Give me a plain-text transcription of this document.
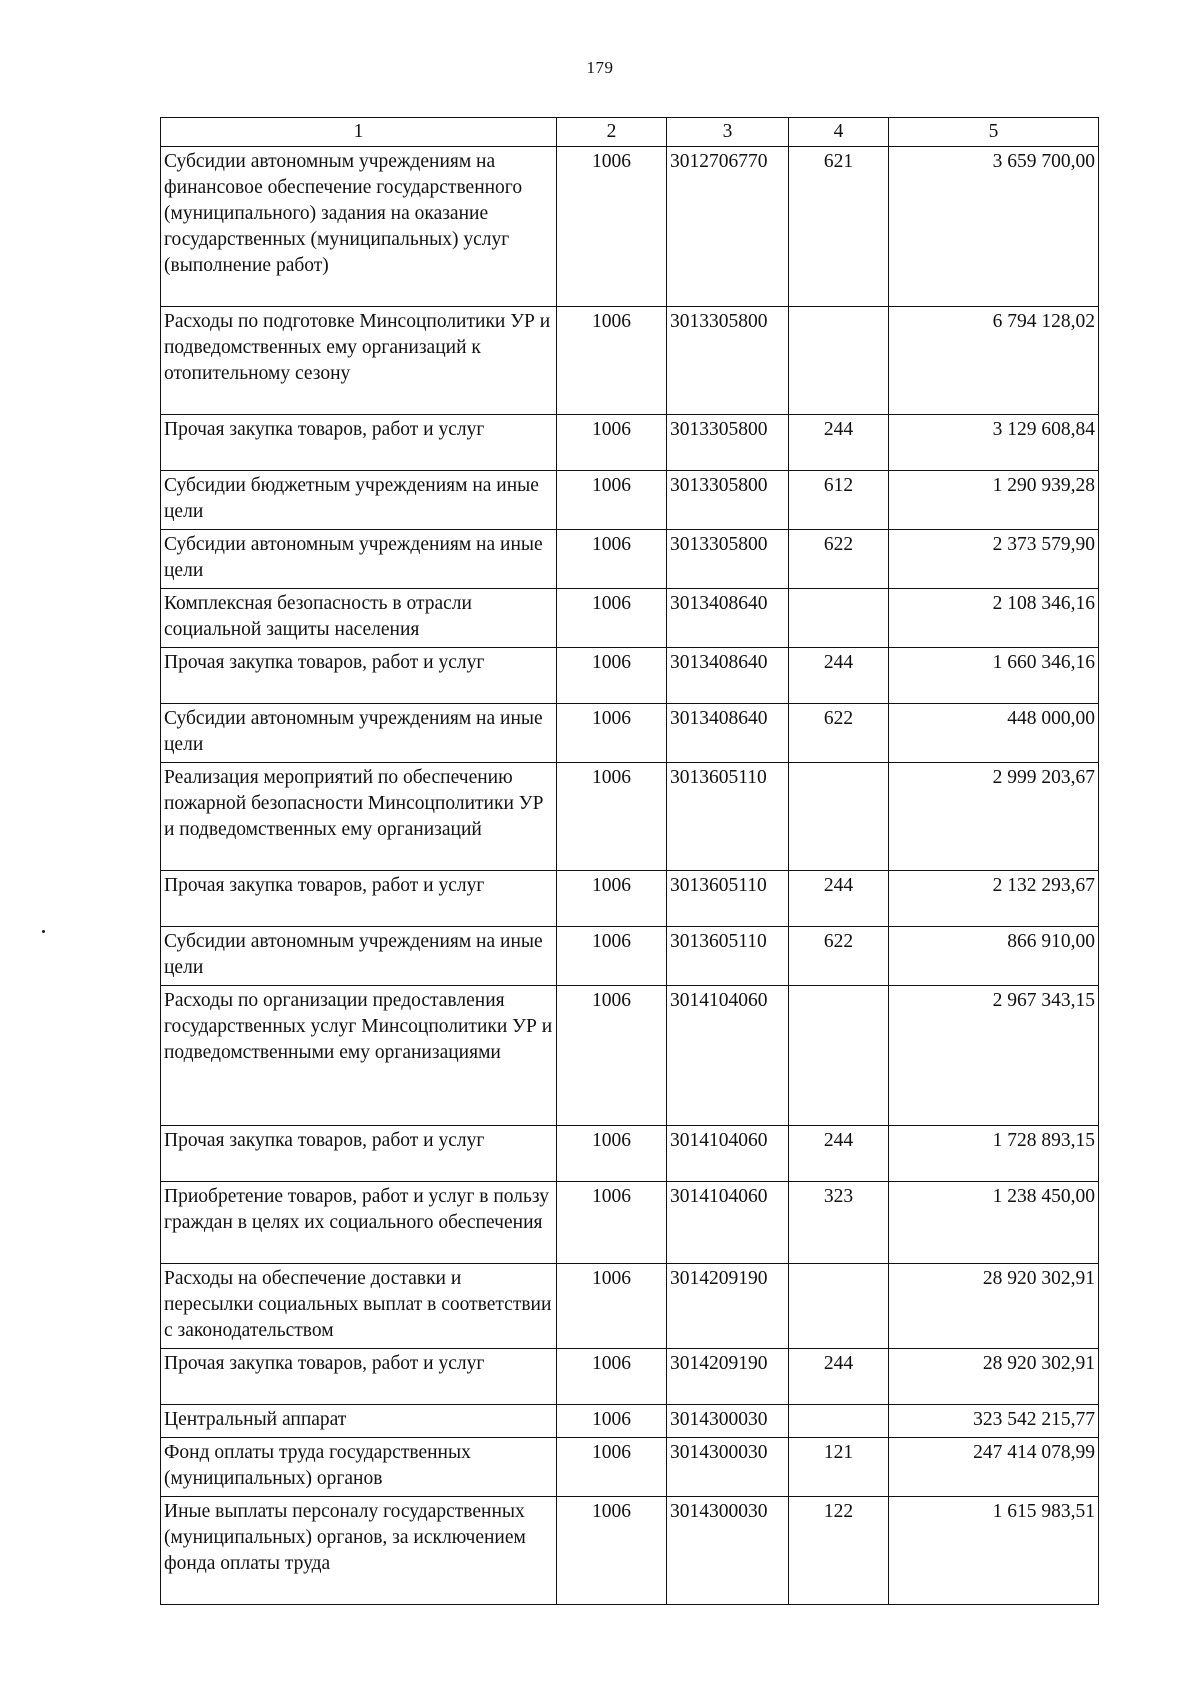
179
1	2	3	4	5
Субсидии автономным учреждениям на финансовое обеспечение государственного (муниципального) задания на оказание государственных (муниципальных) услуг (выполнение работ)	1006	3012706770	621	3 659 700,00
Расходы по подготовке Минсоцполитики УР и подведомственных ему организаций к отопительному сезону	1006	3013305800		6 794 128,02
Прочая закупка товаров, работ и услуг	1006	3013305800	244	3 129 608,84
Субсидии бюджетным учреждениям на иные цели	1006	3013305800	612	1 290 939,28
Субсидии автономным учреждениям на иные цели	1006	3013305800	622	2 373 579,90
Комплексная безопасность в отрасли социальной защиты населения	1006	3013408640		2 108 346,16
Прочая закупка товаров, работ и услуг	1006	3013408640	244	1 660 346,16
Субсидии автономным учреждениям на иные цели	1006	3013408640	622	448 000,00
Реализация мероприятий по обеспечению пожарной безопасности Минсоцполитики УР и подведомственных ему организаций	1006	3013605110		2 999 203,67
Прочая закупка товаров, работ и услуг	1006	3013605110	244	2 132 293,67
Субсидии автономным учреждениям на иные цели	1006	3013605110	622	866 910,00
Расходы по организации предоставления государственных услуг Минсоцполитики УР и подведомственными ему организациями	1006	3014104060		2 967 343,15
Прочая закупка товаров, работ и услуг	1006	3014104060	244	1 728 893,15
Приобретение товаров, работ и услуг в пользу граждан в целях их социального обеспечения	1006	3014104060	323	1 238 450,00
Расходы на обеспечение доставки и пересылки социальных выплат в соответствии с законодательством	1006	3014209190		28 920 302,91
Прочая закупка товаров, работ и услуг	1006	3014209190	244	28 920 302,91
Центральный аппарат	1006	3014300030		323 542 215,77
Фонд оплаты труда государственных (муниципальных) органов	1006	3014300030	121	247 414 078,99
Иные выплаты персоналу государственных (муниципальных) органов, за исключением фонда оплаты труда	1006	3014300030	122	1 615 983,51
